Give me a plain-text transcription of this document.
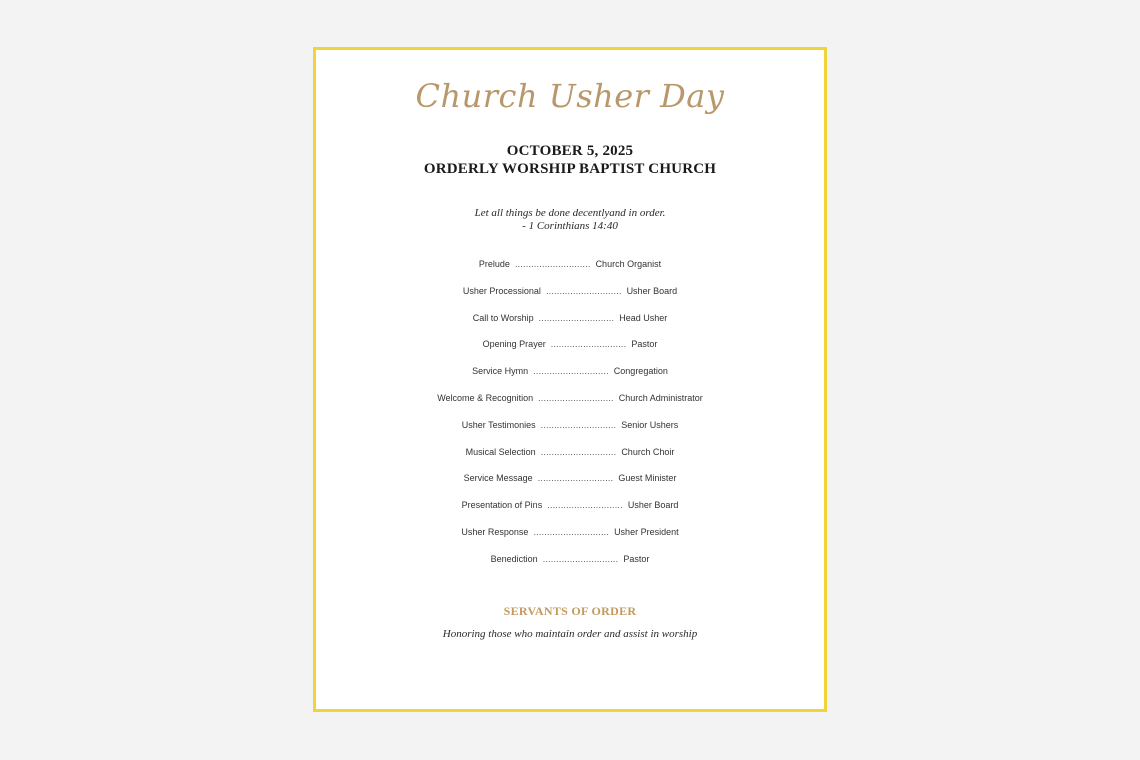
Church Usher Day
OCTOBER 5, 2025
ORDERLY WORSHIP BAPTIST CHURCH
Let all things be done decentlyand in order.
- 1 Corinthians 14:40
Prelude ............................ Church Organist
Usher Processional ............................ Usher Board
Call to Worship ............................ Head Usher
Opening Prayer ............................ Pastor
Service Hymn ............................ Congregation
Welcome & Recognition ............................ Church Administrator
Usher Testimonies ............................ Senior Ushers
Musical Selection ............................ Church Choir
Service Message ............................ Guest Minister
Presentation of Pins ............................ Usher Board
Usher Response ............................ Usher President
Benediction ............................ Pastor
SERVANTS OF ORDER
Honoring those who maintain order and assist in worship
